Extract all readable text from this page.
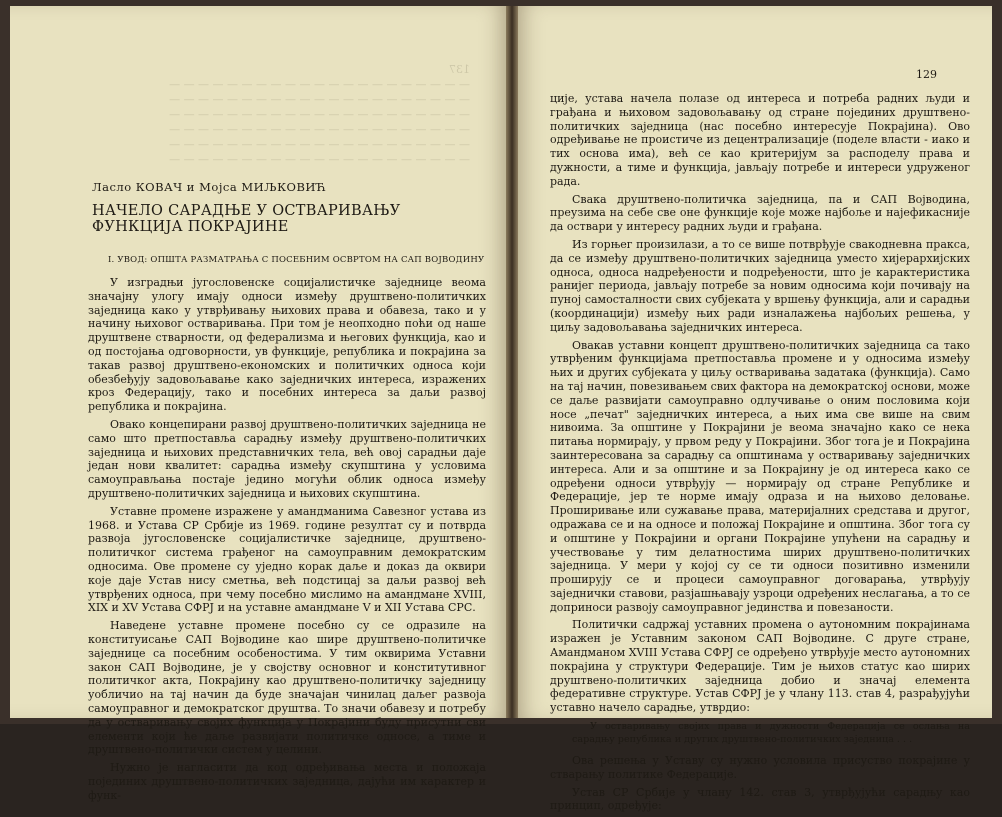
137
— — — — — — — — — — — — — — — — — — — — —
— — — — — — — — — — — — — — — — — — — — —
— — — — — — — — — — — — — — — — — — — — —
— — — — — — — — — — — — — — — — — — — — —
— — — — — — — — — — — — — — — — — — — — —
— — — — — — — — — — — — — — — — — — — — —

Ласло КОВАЧ и Мојса МИЉКОВИЋ

НАЧЕЛО САРАДЊЕ У ОСТВАРИВАЊУ ФУНКЦИЈА ПОКРАЈИНЕ

I. УВОД: ОПШТА РАЗМАТРАЊА С ПОСЕБНИМ ОСВРТОМ НА САП ВОЈВОДИНУ

У изградњи југословенске социјалистичке заједнице веома значајну улогу имају односи између друштвено-политичких заједница како у утврђивању њихових права и обавеза, тако и у начину њиховог остваривања. При том је неопходно поћи од наше друштвене стварности, од федерализма и његових функција, као и од постојања одговорности, ув функције, република и покрајина за такав развој друштвено-економских и политичких односа који обезбеђују задовољавање како заједничких интереса, изражених кроз Федерацију, тако и посебних интереса за даљи развој република и покрајина.

Овако концепирани развој друштвено-политичких заједница не само што претпоставља сарадњу између друштвено-политичких заједница и њихових представничких тела, већ овој сарадњи даје један нови квалитет: сарадња између скупштина у условима самоуправљања постаје једино могући облик односа између друштвено-политичких заједница и њихових скупштина.

Уставне промене изражене у амандманима Савезног устава из 1968. и Устава СР Србије из 1969. године резултат су и потврда развоја југословенске социјалистичке заједнице, друштвено-политичког система грађеног на самоуправним демократским односима. Ове промене су уједно корак даље и доказ да оквири које даје Устав нису сметња, већ подстицај за даљи развој већ утврђених односа, при чему посебно мислимо на амандмане XVIII, XIX и XV Устава СФРЈ и на уставне амандмане V и XII Устава СРС.

Наведене уставне промене посебно су се одразиле на конституисање САП Војводине као шире друштвено-политичке заједнице са посебним особеностима. У тим оквирима Уставни закон САП Војводине, је у својству основног и конститутивног политичког акта, Покрајину као друштвено-политичку заједницу уобличио на тај начин да буде значајан чинилац даљег развоја самоуправног и демократског друштва. То значи обавезу и потребу да у остваривању својих функција у Покрајини буду присутни сви елементи који ће даље развијати политичке односе, а тиме и друштвено-политички систем у целини.

Нужно је нагласити да код одређивања места и положаја појединих друштвено-политичких заједница, дајући им карактер и функ-

129

ције, устава начела полазе од интереса и потреба радних људи и грађана и њиховом задовољавању од стране појединих друштвено-политичких заједница (нас посебно интересује Покрајина). Ово одређивање не проистиче из децентрализације (поделе власти - иако и тих основа има), већ се као критеријум за расподелу права и дужности, а тиме и функција, јављају потребе и интереси удруженог рада.

Свака друштвено-политичка заједница, па и САП Војводина, преузима на себе све оне функције које може најбоље и најефикасније да оствари у интересу радних људи и грађана.

Из горњег произилази, а то се више потврђује свакодневна пракса, да се између друштвено-политичких заједница уместо хијерархијских односа, односа надређености и подређености, што је карактеристика ранијег периода, јављају потребе за новим односима који почивају на пуној самосталности свих субјеката у вршењу функција, али и сарадњи (координацији) између њих ради изналажења најбољих решења, у циљу задовољавања заједничких интереса.

Овакав уставни концепт друштвено-политичких заједница са тако утврђеним функцијама претпоставља промене и у односима између њих и других субјеката у циљу остваривања задатака (функција). Само на тај начин, повезивањем свих фактора на демократској основи, може се даље развијати самоуправно одлучивање о оним пословима који носе „печат" заједничких интереса, а њих има све више на свим нивоима. За општине у Покрајини је веома значајно како се нека питања нормирају, у првом реду у Покрајини. Због тога је и Покрајина заинтересована за сарадњу са општинама у остваривању заједничких интереса. Али и за општине и за Покрајину је од интереса како се одређени односи утврђују — нормирају од стране Републике и Федерације, јер те норме имају одраза и на њихово деловање. Проширивање или сужавање права, материјалних средстава и другог, одражава се и на односе и положај Покрајине и општина. Због тога су и општине у Покрајини и органи Покрајине упућени на сарадњу и учествовање у тим делатностима ширих друштвено-политичких заједница. У мери у којој су се ти односи позитивно изменили проширују се и процеси самоуправног договарања, утврђују заједнички ставови, разјашњавају узроци одређених неслагања, а то се доприноси развоју самоуправног јединства и повезаности.

Политички садржај уставних промена о аутономним покрајинама изражен је Уставним законом САП Војводине. С друге стране, Амандманом XVIII Устава СФРЈ се одређено утврђује место аутономних покрајина у структури Федерације. Тим је њихов статус као ширих друштвено-политичких заједница добио и значај елемента федеративне структуре. Устав СФРЈ је у члану 113. став 4, разрађујући уставно начело сарадње, утврдио:

У остваривању својих права и дужности Федерација се ослања на сарадњу република и других друштвено-политичких заједница . . .

Ова решења у Уставу су нужно условила присуство покрајине у стварању политике Федерације.

Устав СР Србије у члану 142. став 3, утврђујући сарадњу као принцип, одређује:
